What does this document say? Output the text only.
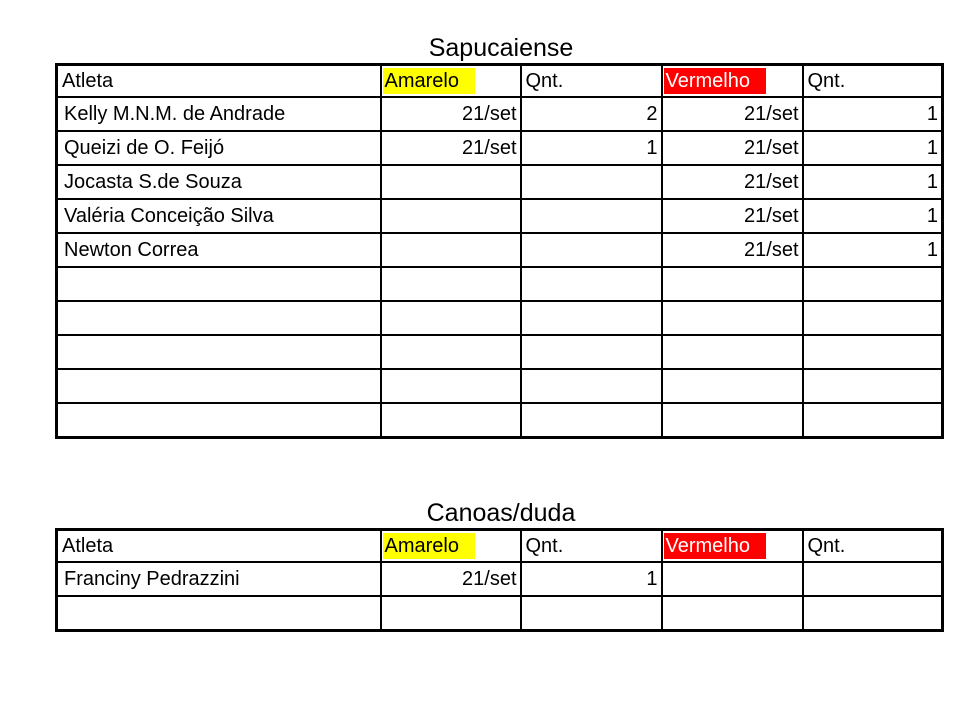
Sapucaiense
Atleta	Amarelo	Qnt.	Vermelho	Qnt.
Kelly M.N.M. de Andrade	21/set	2	21/set	1
Queizi de O. Feijó	21/set	1	21/set	1
Jocasta S.de Souza			21/set	1
Valéria Conceição Silva			21/set	1
Newton Correa			21/set	1

Canoas/duda
Atleta	Amarelo	Qnt.	Vermelho	Qnt.
Franciny Pedrazzini	21/set	1		
